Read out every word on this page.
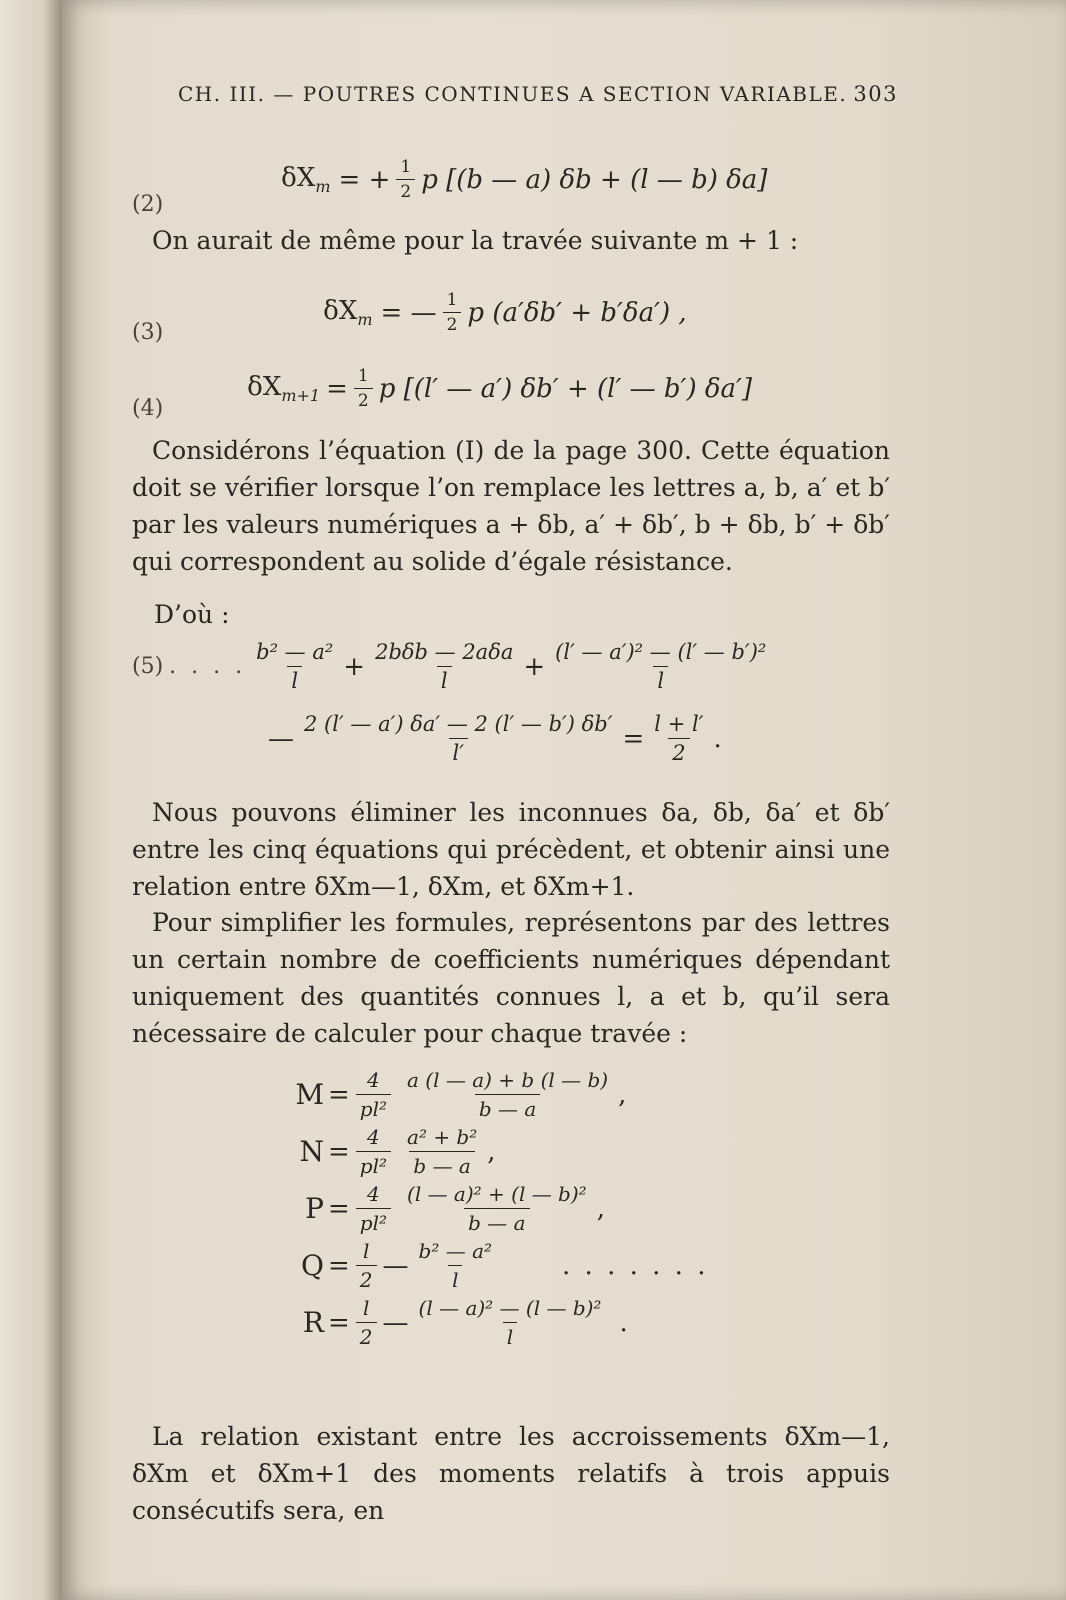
CH. III. — POUTRES CONTINUES A SECTION VARIABLE. 303
(2)
$\delta X_m$ = + $\frac{1}{2}$ p [(b — a) δb + (l — b) δa]

On aurait de même pour la travée suivante m + 1 :

(3)
$\delta X_m$ = — $\frac{1}{2}$ p (a′δb′ + b′δa′) ,
(4)
$\delta X_{m+1} = \frac{1}{2}$ p [(l′ — a′) δb′ + (l′ — b′) δa′]

Considérons l’équation (I) de la page 300. Cette équation doit se vérifier lorsque l’on remplace les lettres a, b, a′ et b′ par les valeurs numériques a + δb, a′ + δb′, b + δb, b′ + δb′ qui correspondent au solide d’égale résistance.

D’où :
(5) . . . . $\frac{\text{b² — a²}}{l} + \frac{\text{2bδb — 2aδa}}{l} + \frac{\text{(l′ — a′)² — (l′ — b′)²}}{l}$
— $\frac{2 (l' — a') \delta a' — 2 (l' — b') \delta b'}{l'} = \frac{l + l'}{2}$ .

Nous pouvons éliminer les inconnues δa, δb, δa′ et δb′ entre les cinq équations qui précèdent, et obtenir ainsi une relation entre δXm—1, δXm, et δXm+1.

Pour simplifier les formules, représentons par des lettres un certain nombre de coefficients numériques dépendant uniquement des quantités connues l, a et b, qu’il sera nécessaire de calculer pour chaque travée :

$M = \frac{4}{\text{pl²}} \frac{a (l — a) + b (l — b)}{b — a}$ ,
$N = \frac{4}{\text{pl²}} \frac{\text{a² + b²}}{b — a}$ ,
$P = \frac{4}{\text{pl²}} \frac{\text{(l — a)² + (l — b)²}}{b — a}$ ,
$Q = \frac{l}{2}$ — $\frac{\text{b² — a²}}{l}$	. . . . . . .
$R = \frac{l}{2}$ — $\frac{\text{(l — a)² — (l — b)²}}{l}$ .

La relation existant entre les accroissements δXm—1, δXm et δXm+1 des moments relatifs à trois appuis consécutifs sera, en
